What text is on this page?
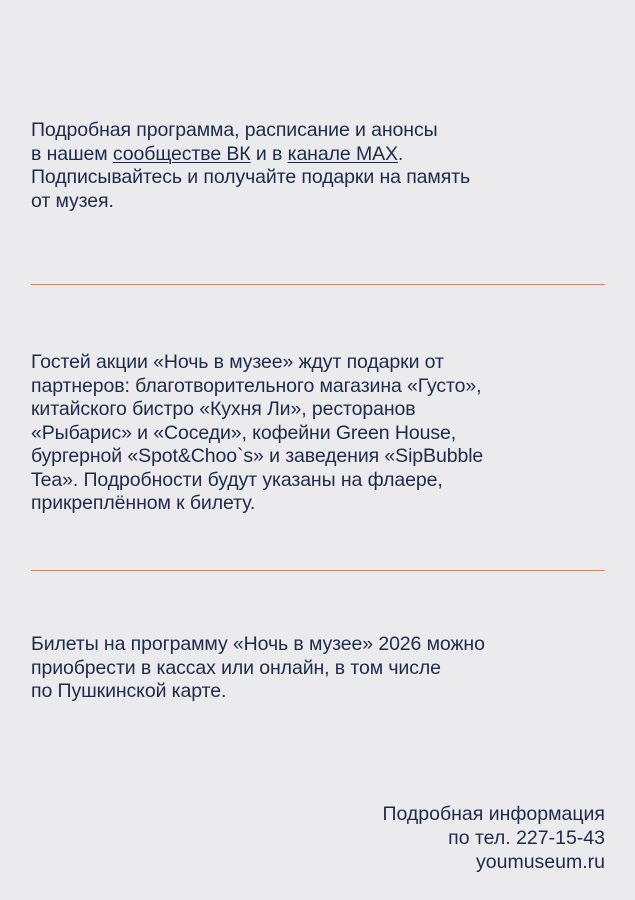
Подробная программа, расписание и анонсы
в нашем сообществе ВК и в канале MAX.
Подписывайтесь и получайте подарки на память
от музея.
Гостей акции «Ночь в музее» ждут подарки от
партнеров: благотворительного магазина «Густо»,
китайского бистро «Кухня Ли», ресторанов
«Рыбарис» и «Соседи», кофейни Green House,
бургерной «Spot&Choo`s» и заведения «SipBubble
Tea». Подробности будут указаны на флаере,
прикреплённом к билету.
Билеты на программу «Ночь в музее» 2026 можно
приобрести в кассах или онлайн, в том числе
по Пушкинской карте.
Подробная информация
по тел. 227-15-43
youmuseum.ru
